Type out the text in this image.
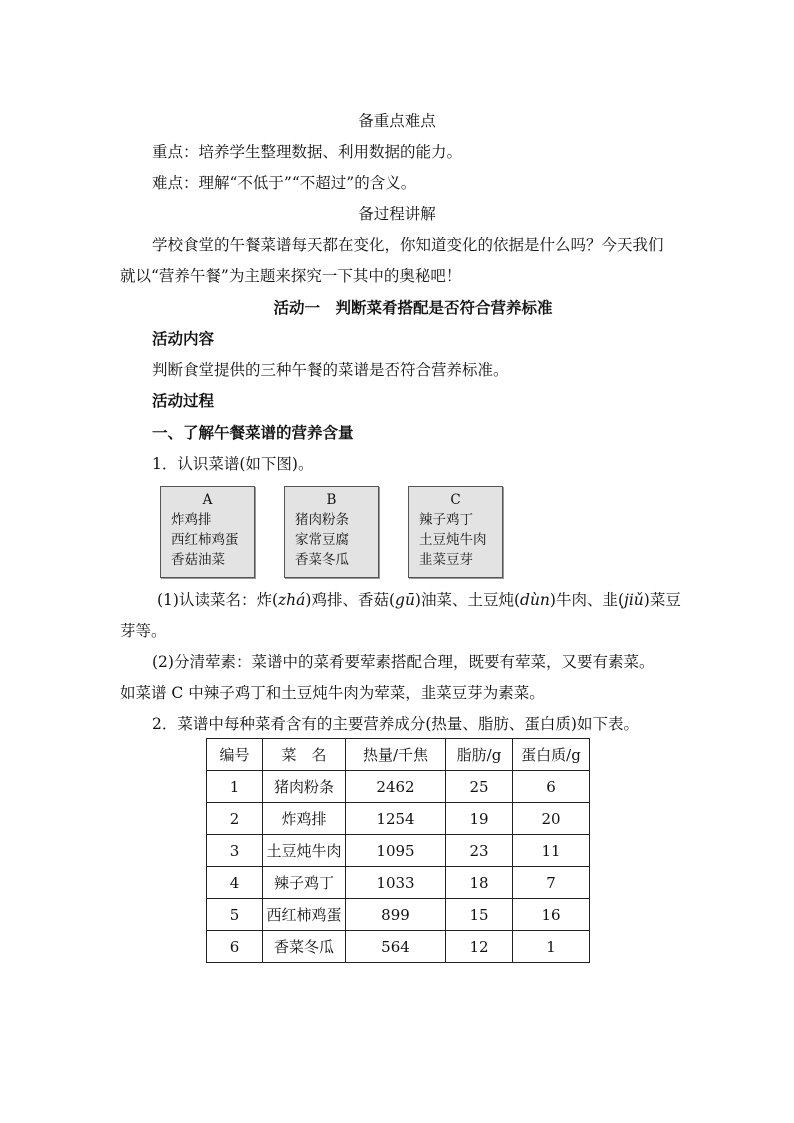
备重点难点
重点：培养学生整理数据、利用数据的能力。
难点：理解“不低于”“不超过”的含义。
备过程讲解
学校食堂的午餐菜谱每天都在变化，你知道变化的依据是什么吗？今天我们
就以“营养午餐”为主题来探究一下其中的奥秘吧！
活动一　判断菜肴搭配是否符合营养标准
活动内容
判断食堂提供的三种午餐的菜谱是否符合营养标准。
活动过程
一、了解午餐菜谱的营养含量
1．认识菜谱(如下图)。
A
炸鸡排
西红柿鸡蛋
香菇油菜
B
猪肉粉条
家常豆腐
香菜冬瓜
C
辣子鸡丁
土豆炖牛肉
韭菜豆芽
(1)认读菜名：炸(zhá)鸡排、香菇(gū)油菜、土豆炖(dùn)牛肉、韭(jiǔ)菜豆
芽等。
(2)分清荤素：菜谱中的菜肴要荤素搭配合理，既要有荤菜，又要有素菜。
如菜谱 C 中辣子鸡丁和土豆炖牛肉为荤菜，韭菜豆芽为素菜。
2．菜谱中每种菜肴含有的主要营养成分(热量、脂肪、蛋白质)如下表。
编号	菜　名	热量/千焦	脂肪/g	蛋白质/g
1	猪肉粉条	2462	25	6
2	炸鸡排	1254	19	20
3	土豆炖牛肉	1095	23	11
4	辣子鸡丁	1033	18	7
5	西红柿鸡蛋	899	15	16
6	香菜冬瓜	564	12	1
